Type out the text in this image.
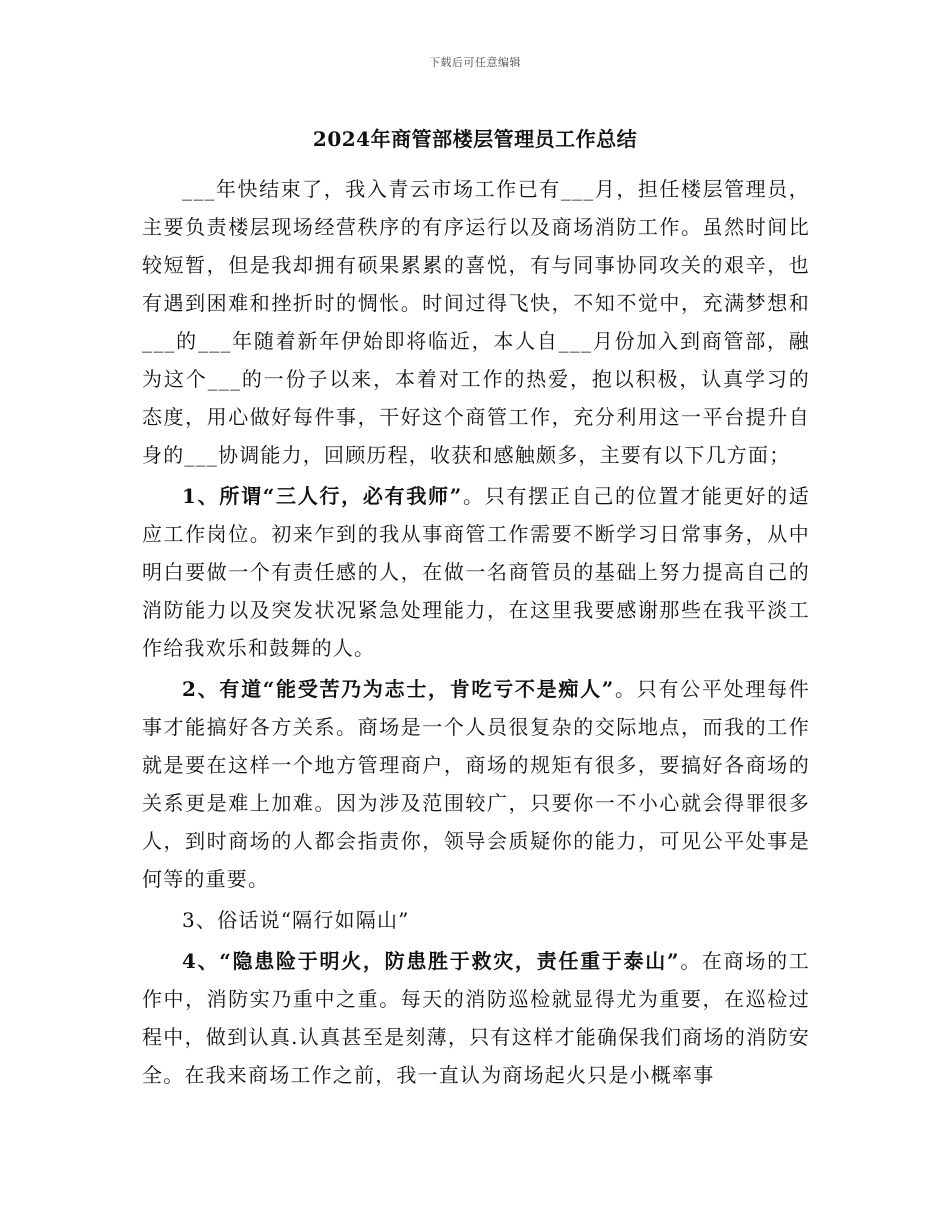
下载后可任意编辑
2024年商管部楼层管理员工作总结

___年快结束了，我入青云市场工作已有___月，担任楼层管理员，主要负责楼层现场经营秩序的有序运行以及商场消防工作。虽然时间比较短暂，但是我却拥有硕果累累的喜悦，有与同事协同攻关的艰辛，也有遇到困难和挫折时的惆怅。时间过得飞快，不知不觉中，充满梦想和___的___年随着新年伊始即将临近，本人自___月份加入到商管部，融为这个___的一份子以来，本着对工作的热爱，抱以积极，认真学习的态度，用心做好每件事，干好这个商管工作，充分利用这一平台提升自身的___协调能力，回顾历程，收获和感触颇多，主要有以下几方面；

1、所谓“三人行，必有我师”。只有摆正自己的位置才能更好的适应工作岗位。初来乍到的我从事商管工作需要不断学习日常事务，从中明白要做一个有责任感的人，在做一名商管员的基础上努力提高自己的消防能力以及突发状况紧急处理能力，在这里我要感谢那些在我平淡工作给我欢乐和鼓舞的人。

2、有道“能受苦乃为志士，肯吃亏不是痴人”。只有公平处理每件事才能搞好各方关系。商场是一个人员很复杂的交际地点，而我的工作就是要在这样一个地方管理商户，商场的规矩有很多，要搞好各商场的关系更是难上加难。因为涉及范围较广，只要你一不小心就会得罪很多人，到时商场的人都会指责你，领导会质疑你的能力，可见公平处事是何等的重要。

3、俗话说“隔行如隔山”

4、“隐患险于明火，防患胜于救灾，责任重于泰山”。在商场的工作中，消防实乃重中之重。每天的消防巡检就显得尤为重要，在巡检过程中，做到认真.认真甚至是刻薄，只有这样才能确保我们商场的消防安全。在我来商场工作之前，我一直认为商场起火只是小概率事
